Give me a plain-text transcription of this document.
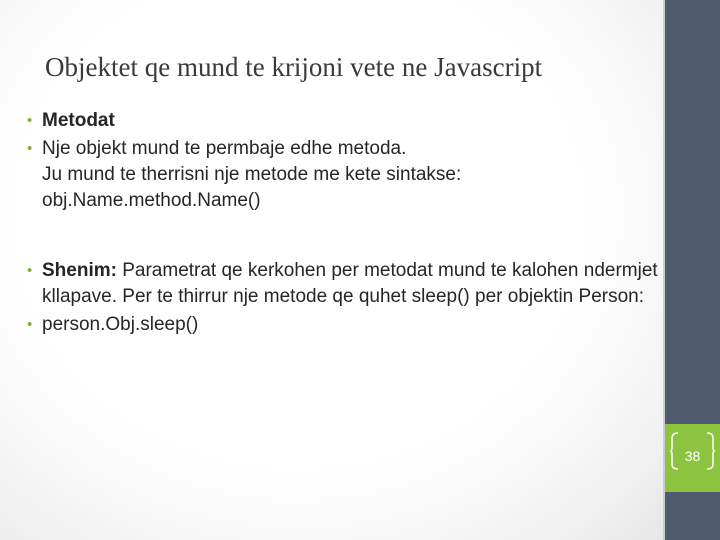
Objektet qe mund te krijoni vete ne Javascript
• Metodat
• Nje objekt mund te permbaje edhe metoda.
Ju mund te therrisni nje metode me kete sintakse:
obj.Name.method.Name()
• Shenim: Parametrat qe kerkohen per metodat mund te kalohen ndermjet kllapave. Per te thirrur nje metode qe quhet sleep() per objektin Person:
• person.Obj.sleep()
38
